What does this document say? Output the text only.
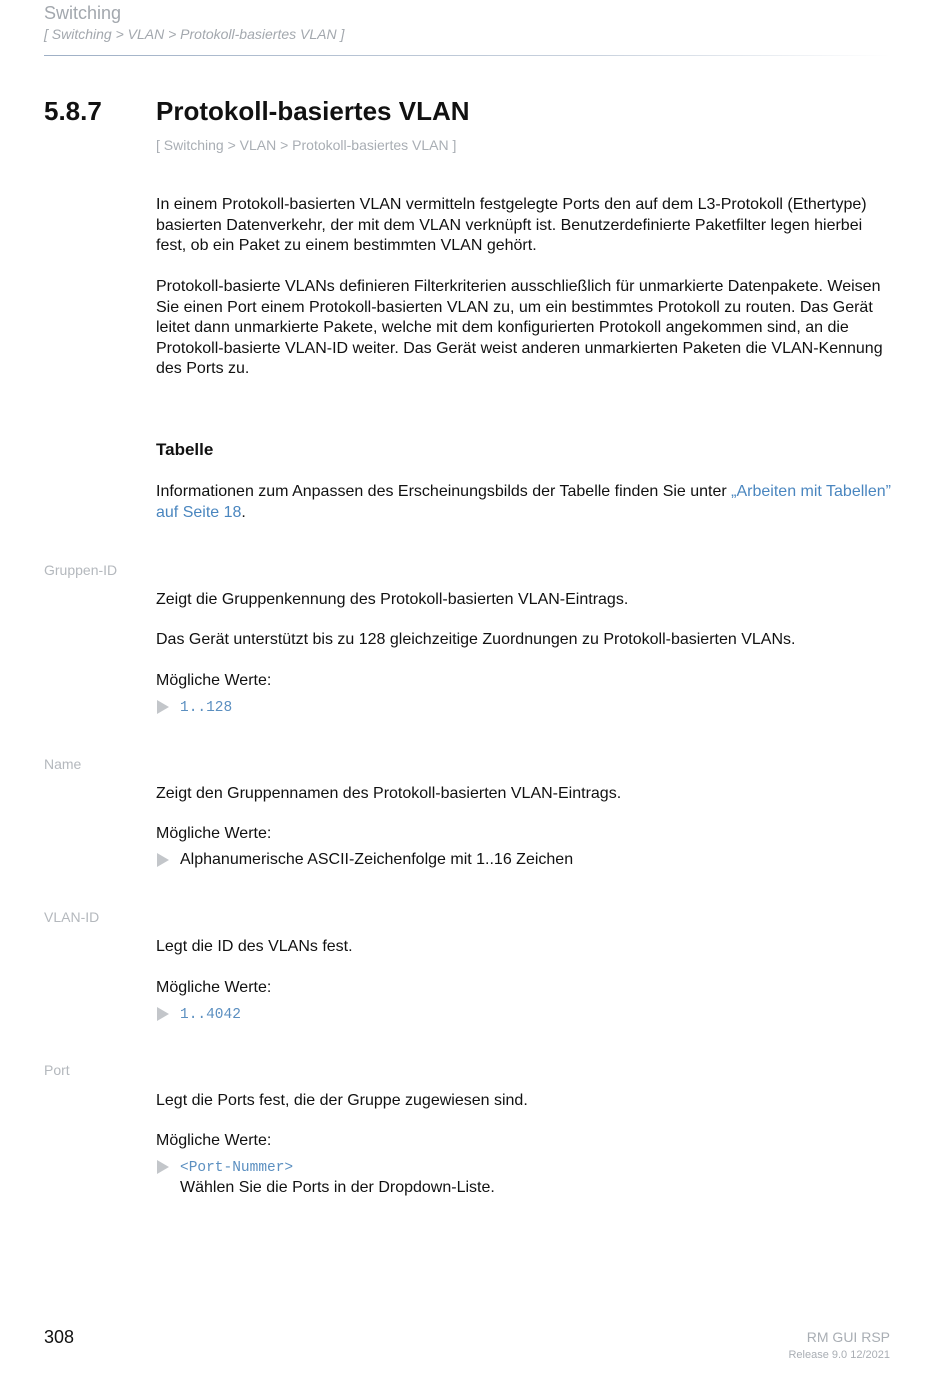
Switching
[ Switching > VLAN > Protokoll-basiertes VLAN ]
5.8.7 Protokoll-basiertes VLAN
[ Switching > VLAN > Protokoll-basiertes VLAN ]

In einem Protokoll-basierten VLAN vermitteln festgelegte Ports den auf dem L3-Protokoll (Ethertype) basierten Datenverkehr, der mit dem VLAN verknüpft ist. Benutzerdefinierte Paketfilter legen hierbei fest, ob ein Paket zu einem bestimmten VLAN gehört.

Protokoll-basierte VLANs definieren Filterkriterien ausschließlich für unmarkierte Datenpakete. Weisen Sie einen Port einem Protokoll-basierten VLAN zu, um ein bestimmtes Protokoll zu routen. Das Gerät leitet dann unmarkierte Pakete, welche mit dem konfigurierten Protokoll angekommen sind, an die Protokoll-basierte VLAN-ID weiter. Das Gerät weist anderen unmarkierten Paketen die VLAN-Kennung des Ports zu.

Tabelle

Informationen zum Anpassen des Erscheinungsbilds der Tabelle finden Sie unter „Arbeiten mit Tabellen” auf Seite 18.

Gruppen-ID
Zeigt die Gruppenkennung des Protokoll-basierten VLAN-Eintrags.
Das Gerät unterstützt bis zu 128 gleichzeitige Zuordnungen zu Protokoll-basierten VLANs.
Mögliche Werte:
1..128
Name
Zeigt den Gruppennamen des Protokoll-basierten VLAN-Eintrags.
Mögliche Werte:
Alphanumerische ASCII-Zeichenfolge mit 1..16 Zeichen
VLAN-ID
Legt die ID des VLANs fest.
Mögliche Werte:
1..4042
Port
Legt die Ports fest, die der Gruppe zugewiesen sind.
Mögliche Werte:
<Port-Nummer>
Wählen Sie die Ports in der Dropdown-Liste.
308	RM GUI RSP
Release 9.0 12/2021
